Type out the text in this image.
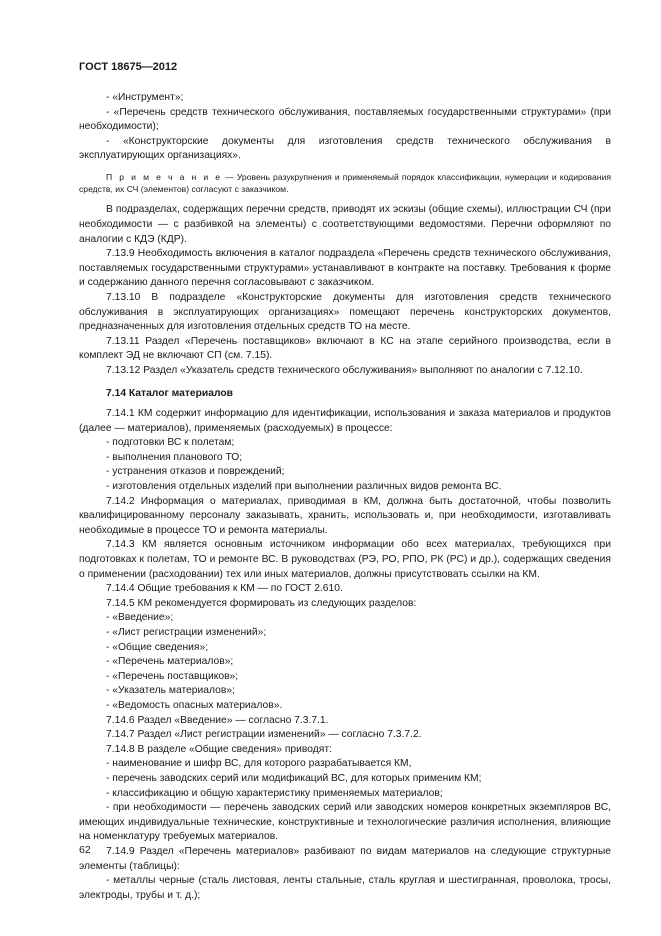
ГОСТ 18675—2012

- «Инструмент»;

- «Перечень средств технического обслуживания, поставляемых государственными структурами» (при необходимости);

- «Конструкторские документы для изготовления средств технического обслуживания в эксплуатирующих организациях».

П р и м е ч а н и е — Уровень разукрупнения и применяемый порядок классификации, нумерации и кодирования средств, их СЧ (элементов) согласуют с заказчиком.

В подразделах, содержащих перечни средств, приводят их эскизы (общие схемы), иллюстрации СЧ (при необходимости — с разбивкой на элементы) с соответствующими ведомостями. Перечни оформляют по аналогии с КДЭ (КДР).

7.13.9 Необходимость включения в каталог подраздела «Перечень средств технического обслуживания, поставляемых государственными структурами» устанавливают в контракте на поставку. Требования к форме и содержанию данного перечня согласовывают с заказчиком.

7.13.10 В подразделе «Конструкторские документы для изготовления средств технического обслуживания в эксплуатирующих организациях» помещают перечень конструкторских документов, предназначенных для изготовления отдельных средств ТО на месте.

7.13.11 Раздел «Перечень поставщиков» включают в КС на этапе серийного производства, если в комплект ЭД не включают СП (см. 7.15).

7.13.12 Раздел «Указатель средств технического обслуживания» выполняют по аналогии с 7.12.10.

7.14 Каталог материалов

7.14.1 КМ содержит информацию для идентификации, использования и заказа материалов и продуктов (далее — материалов), применяемых (расходуемых) в процессе:

- подготовки ВС к полетам;

- выполнения планового ТО;

- устранения отказов и повреждений;

- изготовления отдельных изделий при выполнении различных видов ремонта ВС.

7.14.2 Информация о материалах, приводимая в КМ, должна быть достаточной, чтобы позволить квалифицированному персоналу заказывать, хранить, использовать и, при необходимости, изготавливать необходимые в процессе ТО и ремонта материалы.

7.14.3 КМ является основным источником информации обо всех материалах, требующихся при подготовках к полетам, ТО и ремонте ВС. В руководствах (РЭ, РО, РПО, РК (РС) и др.), содержащих сведения о применении (расходовании) тех или иных материалов, должны присутствовать ссылки на КМ.

7.14.4 Общие требования к КМ — по ГОСТ 2.610.

7.14.5 КМ рекомендуется формировать из следующих разделов:

- «Введение»;

- «Лист регистрации изменений»;

- «Общие сведения»;

- «Перечень материалов»;

- «Перечень поставщиков»;

- «Указатель материалов»;

- «Ведомость опасных материалов».

7.14.6 Раздел «Введение» — согласно 7.3.7.1.

7.14.7 Раздел «Лист регистрации изменений» — согласно 7.3.7.2.

7.14.8 В разделе «Общие сведения» приводят:

- наименование и шифр ВС, для которого разрабатывается КМ,

- перечень заводских серий или модификаций ВС, для которых применим КМ;

- классификацию и общую характеристику применяемых материалов;

- при необходимости — перечень заводских серий или заводских номеров конкретных экземпляров ВС, имеющих индивидуальные технические, конструктивные и технологические различия исполнения, влияющие на номенклатуру требуемых материалов.

7.14.9 Раздел «Перечень материалов» разбивают по видам материалов на следующие структурные элементы (таблицы):

- металлы черные (сталь листовая, ленты стальные, сталь круглая и шестигранная, проволока, тросы, электроды, трубы и т. д.);

62
